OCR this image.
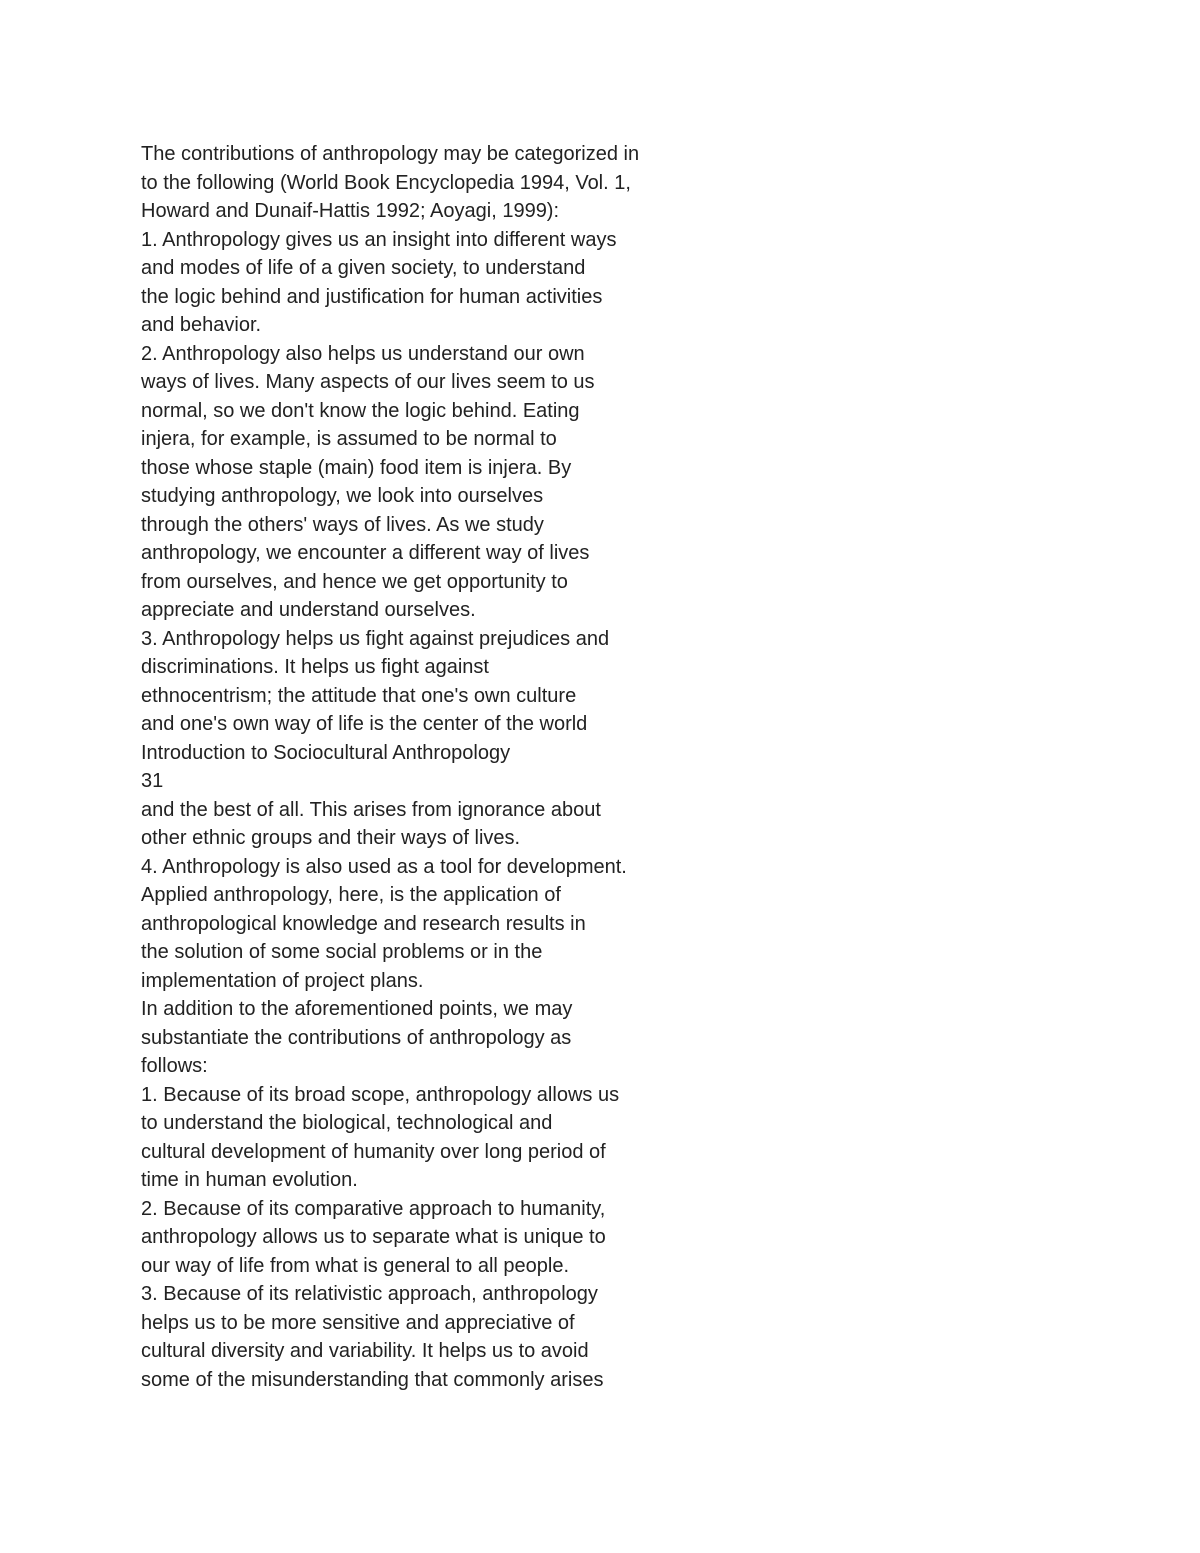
The contributions of anthropology may be categorized in
to the following (World Book Encyclopedia 1994, Vol. 1,
Howard and Dunaif-Hattis 1992; Aoyagi, 1999):
1. Anthropology gives us an insight into different ways
and modes of life of a given society, to understand
the logic behind and justification for human activities
and behavior.
2. Anthropology also helps us understand our own
ways of lives. Many aspects of our lives seem to us
normal, so we don't know the logic behind. Eating
injera, for example, is assumed to be normal to
those whose staple (main) food item is injera. By
studying anthropology, we look into ourselves
through the others' ways of lives. As we study
anthropology, we encounter a different way of lives
from ourselves, and hence we get opportunity to
appreciate and understand ourselves.
3. Anthropology helps us fight against prejudices and
discriminations. It helps us fight against
ethnocentrism; the attitude that one's own culture
and one's own way of life is the center of the world
Introduction to Sociocultural Anthropology
31
and the best of all. This arises from ignorance about
other ethnic groups and their ways of lives.
4. Anthropology is also used as a tool for development.
Applied anthropology, here, is the application of
anthropological knowledge and research results in
the solution of some social problems or in the
implementation of project plans.
In addition to the aforementioned points, we may
substantiate the contributions of anthropology as
follows:
1. Because of its broad scope, anthropology allows us
to understand the biological, technological and
cultural development of humanity over long period of
time in human evolution.
2. Because of its comparative approach to humanity,
anthropology allows us to separate what is unique to
our way of life from what is general to all people.
3. Because of its relativistic approach, anthropology
helps us to be more sensitive and appreciative of
cultural diversity and variability. It helps us to avoid
some of the misunderstanding that commonly arises
